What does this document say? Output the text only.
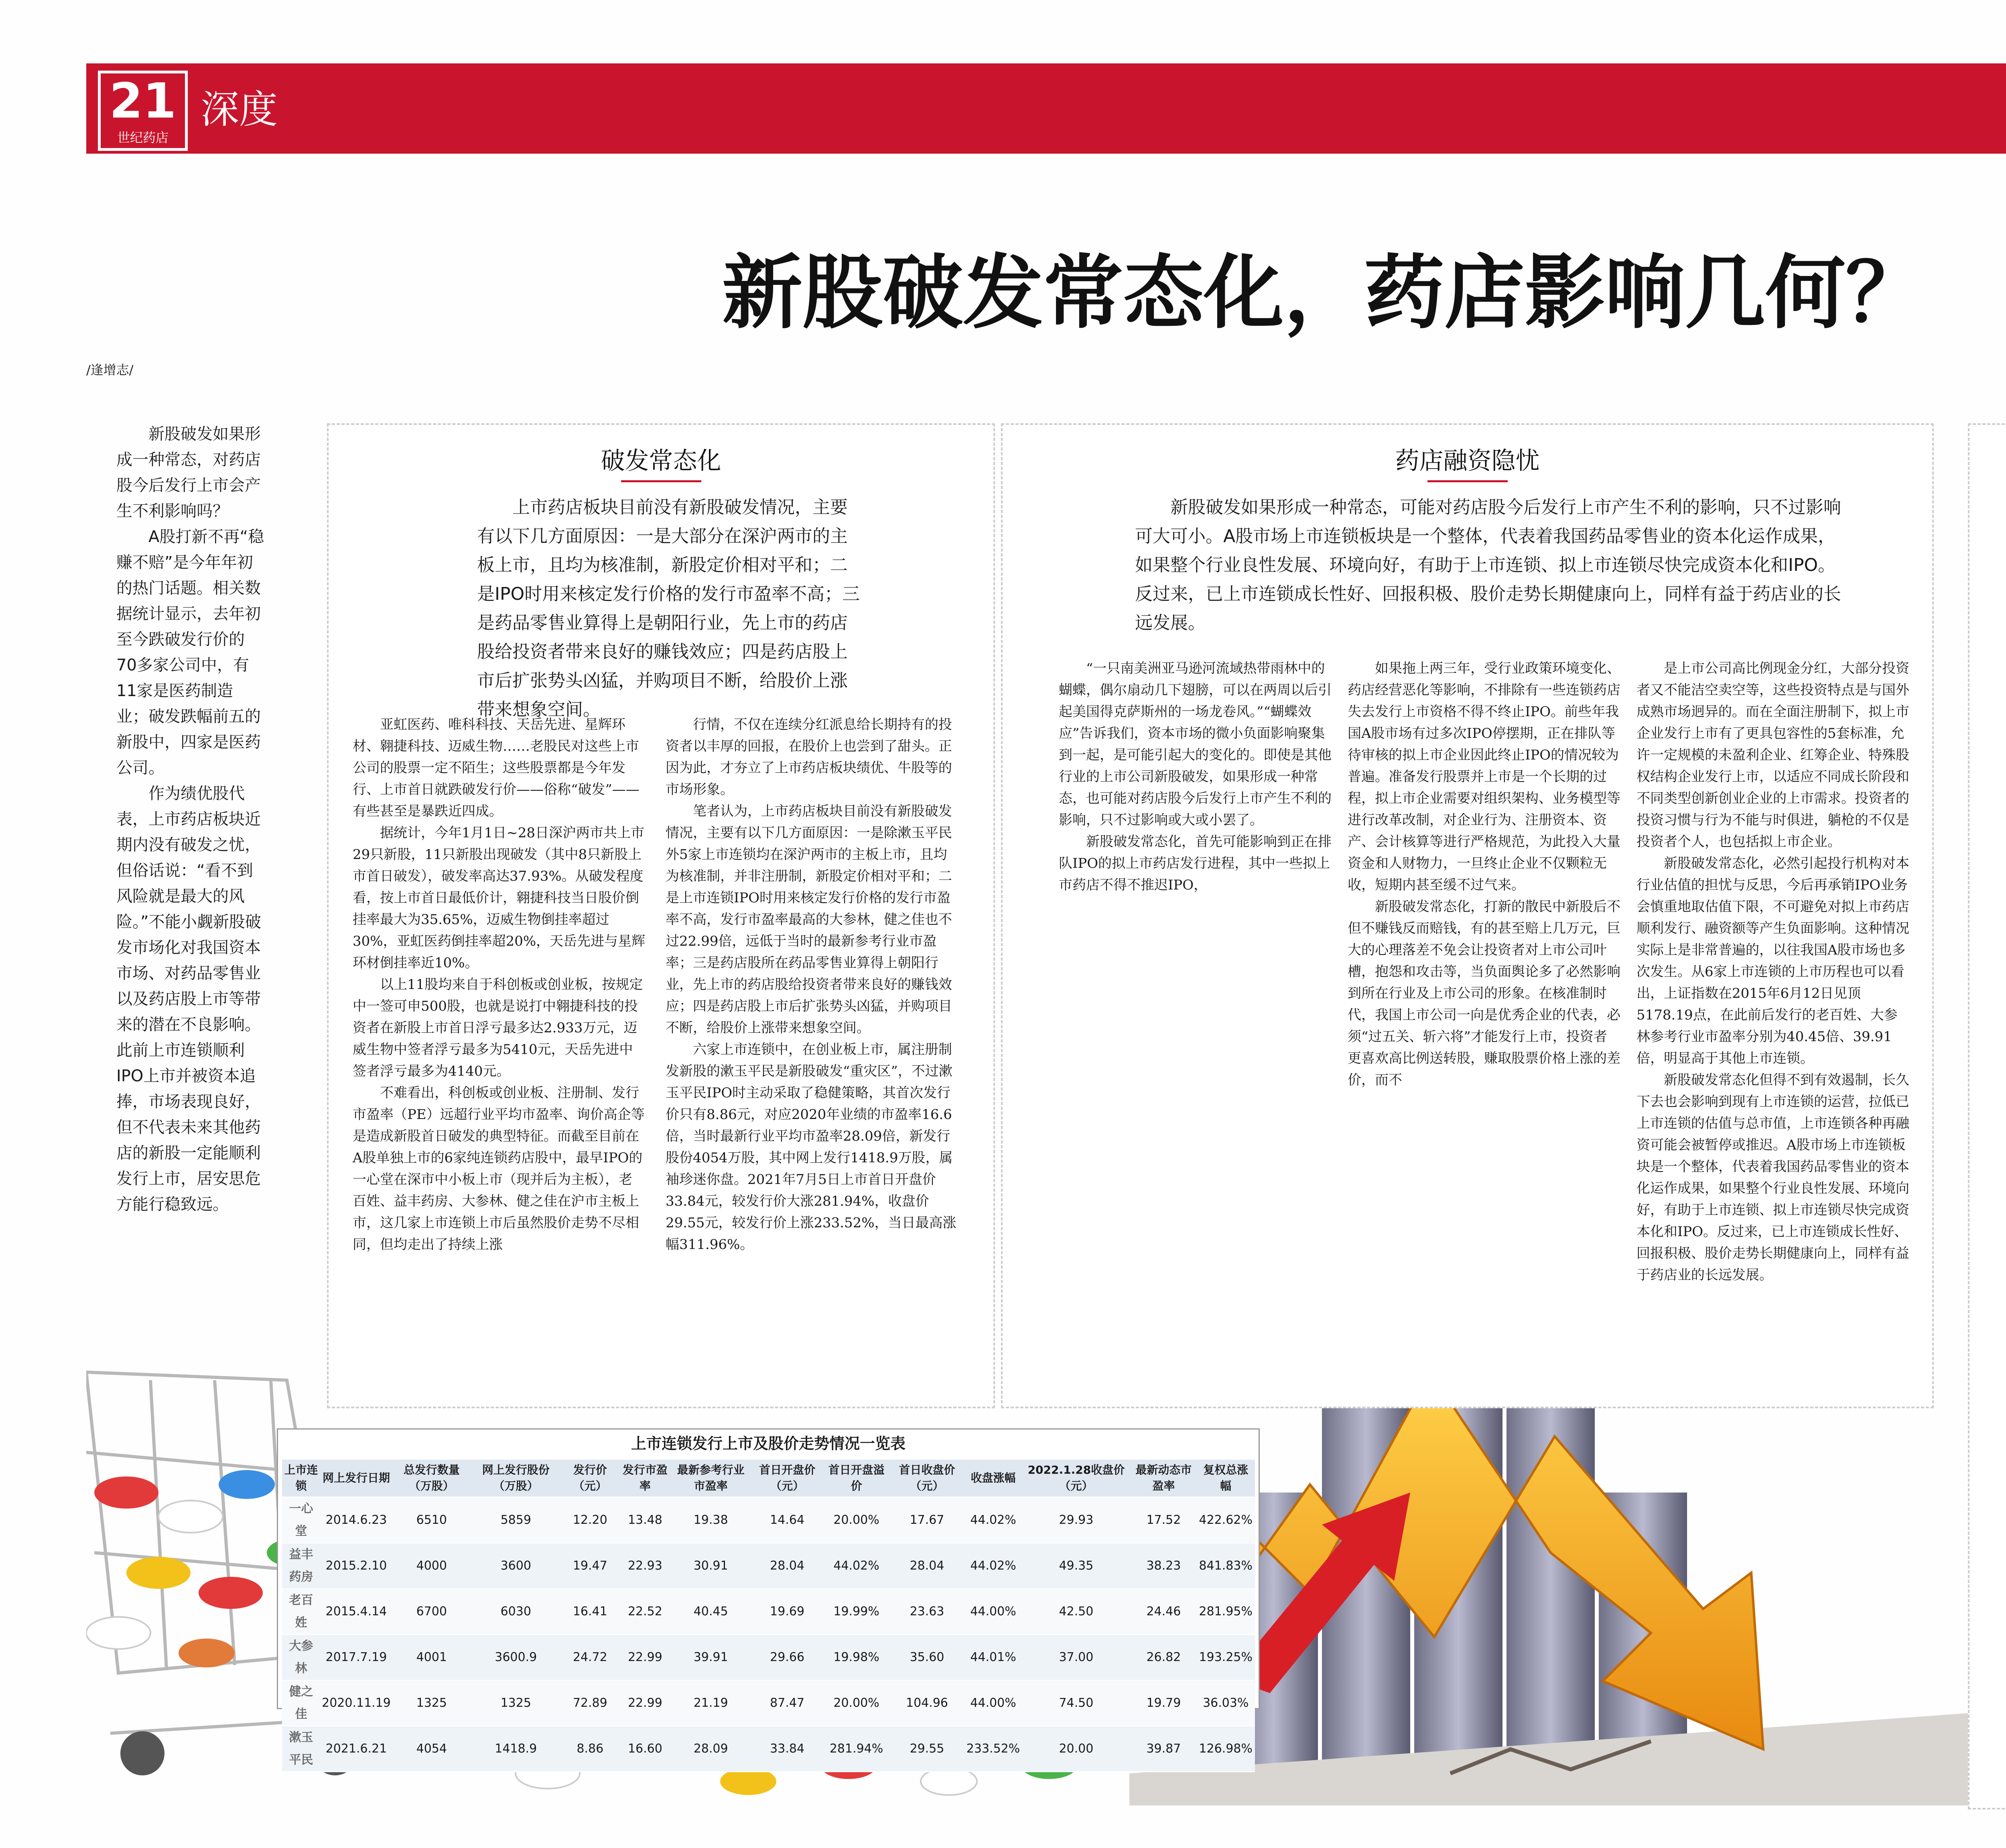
21
世纪药店
深度

新股破发常态化，药店影响几何？
/逢增志/

新股破发如果形成一种常态，对药店股今后发行上市会产生不利影响吗？

A股打新不再“稳赚不赔”是今年年初的热门话题。相关数据统计显示，去年初至今跌破发行价的70多家公司中，有11家是医药制造业；破发跌幅前五的新股中，四家是医药公司。

作为绩优股代表，上市药店板块近期内没有破发之忧，但俗话说：“看不到风险就是最大的风险。”不能小觑新股破发市场化对我国资本市场、对药品零售业以及药店股上市等带来的潜在不良影响。此前上市连锁顺利IPO上市并被资本追捧，市场表现良好，但不代表未来其他药店的新股一定能顺利发行上市，居安思危方能行稳致远。

破发常态化

上市药店板块目前没有新股破发情况，主要有以下几方面原因：一是大部分在深沪两市的主板上市，且均为核准制，新股定价相对平和；二是IPO时用来核定发行价格的发行市盈率不高；三是药品零售业算得上是朝阳行业，先上市的药店股给投资者带来良好的赚钱效应；四是药店股上市后扩张势头凶猛，并购项目不断，给股价上涨带来想象空间。

亚虹医药、唯科科技、天岳先进、星辉环材、翱捷科技、迈威生物……老股民对这些上市公司的股票一定不陌生；这些股票都是今年发行、上市首日就跌破发行价——俗称“破发”——有些甚至是暴跌近四成。

据统计，今年1月1日~28日深沪两市共上市29只新股，11只新股出现破发（其中8只新股上市首日破发），破发率高达37.93%。从破发程度看，按上市首日最低价计，翱捷科技当日股价倒挂率最大为35.65%，迈威生物倒挂率超过30%，亚虹医药倒挂率超20%，天岳先进与星辉环材倒挂率近10%。

以上11股均来自于科创板或创业板，按规定中一签可申500股，也就是说打中翱捷科技的投资者在新股上市首日浮亏最多达2.933万元，迈威生物中签者浮亏最多为5410元，天岳先进中签者浮亏最多为4140元。

不难看出，科创板或创业板、注册制、发行市盈率（PE）远超行业平均市盈率、询价高企等是造成新股首日破发的典型特征。而截至目前在A股单独上市的6家纯连锁药店股中，最早IPO的一心堂在深市中小板上市（现并后为主板），老百姓、益丰药房、大参林、健之佳在沪市主板上市，这几家上市连锁上市后虽然股价走势不尽相同，但均走出了持续上涨

行情，不仅在连续分红派息给长期持有的投资者以丰厚的回报，在股价上也尝到了甜头。正因为此，才夯立了上市药店板块绩优、牛股等的市场形象。

笔者认为，上市药店板块目前没有新股破发情况，主要有以下几方面原因：一是除漱玉平民外5家上市连锁均在深沪两市的主板上市，且均为核准制，并非注册制，新股定价相对平和；二是上市连锁IPO时用来核定发行价格的发行市盈率不高，发行市盈率最高的大参林，健之佳也不过22.99倍，远低于当时的最新参考行业市盈率；三是药店股所在药品零售业算得上朝阳行业，先上市的药店股给投资者带来良好的赚钱效应；四是药店股上市后扩张势头凶猛，并购项目不断，给股价上涨带来想象空间。

六家上市连锁中，在创业板上市，属注册制发新股的漱玉平民是新股破发“重灾区”，不过漱玉平民IPO时主动采取了稳健策略，其首次发行价只有8.86元，对应2020年业绩的市盈率16.6倍，当时最新行业平均市盈率28.09倍，新发行股份4054万股，其中网上发行1418.9万股，属袖珍迷你盘。2021年7月5日上市首日开盘价33.84元，较发行价大涨281.94%，收盘价29.55元，较发行价上涨233.52%，当日最高涨幅311.96%。

药店融资隐忧

新股破发如果形成一种常态，可能对药店股今后发行上市产生不利的影响，只不过影响可大可小。A股市场上市连锁板块是一个整体，代表着我国药品零售业的资本化运作成果，如果整个行业良性发展、环境向好，有助于上市连锁、拟上市连锁尽快完成资本化和IPO。反过来，已上市连锁成长性好、回报积极、股价走势长期健康向上，同样有益于药店业的长远发展。

“一只南美洲亚马逊河流域热带雨林中的蝴蝶，偶尔扇动几下翅膀，可以在两周以后引起美国得克萨斯州的一场龙卷风。”“蝴蝶效应”告诉我们，资本市场的微小负面影响聚集到一起，是可能引起大的变化的。即使是其他行业的上市公司新股破发，如果形成一种常态，也可能对药店股今后发行上市产生不利的影响，只不过影响或大或小罢了。

新股破发常态化，首先可能影响到正在排队IPO的拟上市药店发行进程，其中一些拟上市药店不得不推迟IPO，

如果拖上两三年，受行业政策环境变化、药店经营恶化等影响，不排除有一些连锁药店失去发行上市资格不得不终止IPO。前些年我国A股市场有过多次IPO停摆期，正在排队等待审核的拟上市企业因此终止IPO的情况较为普遍。准备发行股票并上市是一个长期的过程，拟上市企业需要对组织架构、业务模型等进行改革改制，对企业行为、注册资本、资产、会计核算等进行严格规范，为此投入大量资金和人财物力，一旦终止企业不仅颗粒无收，短期内甚至缓不过气来。

新股破发常态化，打新的散民中新股后不但不赚钱反而赔钱，有的甚至赔上几万元，巨大的心理落差不免会让投资者对上市公司叶槽，抱怨和攻击等，当负面舆论多了必然影响到所在行业及上市公司的形象。在核准制时代，我国上市公司一向是优秀企业的代表，必须“过五关、斩六将”才能发行上市，投资者更喜欢高比例送转股，赚取股票价格上涨的差价，而不

是上市公司高比例现金分红，大部分投资者又不能洁空卖空等，这些投资特点是与国外成熟市场迥异的。而在全面注册制下，拟上市企业发行上市有了更具包容性的5套标准，允许一定规模的未盈利企业、红筹企业、特殊股权结构企业发行上市，以适应不同成长阶段和不同类型创新创业企业的上市需求。投资者的投资习惯与行为不能与时俱进，躺枪的不仅是投资者个人，也包括拟上市企业。

新股破发常态化，必然引起投行机构对本行业估值的担忧与反思，今后再承销IPO业务会慎重地取估值下限，不可避免对拟上市药店顺利发行、融资额等产生负面影响。这种情况实际上是非常普遍的，以往我国A股市场也多次发生。从6家上市连锁的上市历程也可以看出，上证指数在2015年6月12日见顶5178.19点，在此前后发行的老百姓、大参林参考行业市盈率分别为40.45倍、39.91倍，明显高于其他上市连锁。

新股破发常态化但得不到有效遏制，长久下去也会影响到现有上市连锁的运营，拉低已上市连锁的估值与总市值，上市连锁各种再融资可能会被暂停或推迟。A股市场上市连锁板块是一个整体，代表着我国药品零售业的资本化运作成果，如果整个行业良性发展、环境向好，有助于上市连锁、拟上市连锁尽快完成资本化和IPO。反过来，已上市连锁成长性好、回报积极、股价走势长期健康向上，同样有益于药店业的长远发展。

上市连锁发行上市及股价走势情况一览表
上市连锁	网上发行日期	总发行数量（万股）	网上发行股份（万股）	发行价（元）	发行市盈率	最新参考行业市盈率	首日开盘价（元）	首日开盘溢价	首日收盘价（元）	收盘涨幅	2022.1.28收盘价（元）	最新动态市盈率	复权总涨幅
一心堂	2014.6.23	6510	5859	12.20	13.48	19.38	14.64	20.00%	17.67	44.02%	29.93	17.52	422.62%
益丰药房	2015.2.10	4000	3600	19.47	22.93	30.91	28.04	44.02%	28.04	44.02%	49.35	38.23	841.83%
老百姓	2015.4.14	6700	6030	16.41	22.52	40.45	19.69	19.99%	23.63	44.00%	42.50	24.46	281.95%
大参林	2017.7.19	4001	3600.9	24.72	22.99	39.91	29.66	19.98%	35.60	44.01%	37.00	26.82	193.25%
健之佳	2020.11.19	1325	1325	72.89	22.99	21.19	87.47	20.00%	104.96	44.00%	74.50	19.79	36.03%
漱玉平民	2021.6.21	4054	1418.9	8.86	16.60	28.09	33.84	281.94%	29.55	233.52%	20.00	39.87	126.98%
